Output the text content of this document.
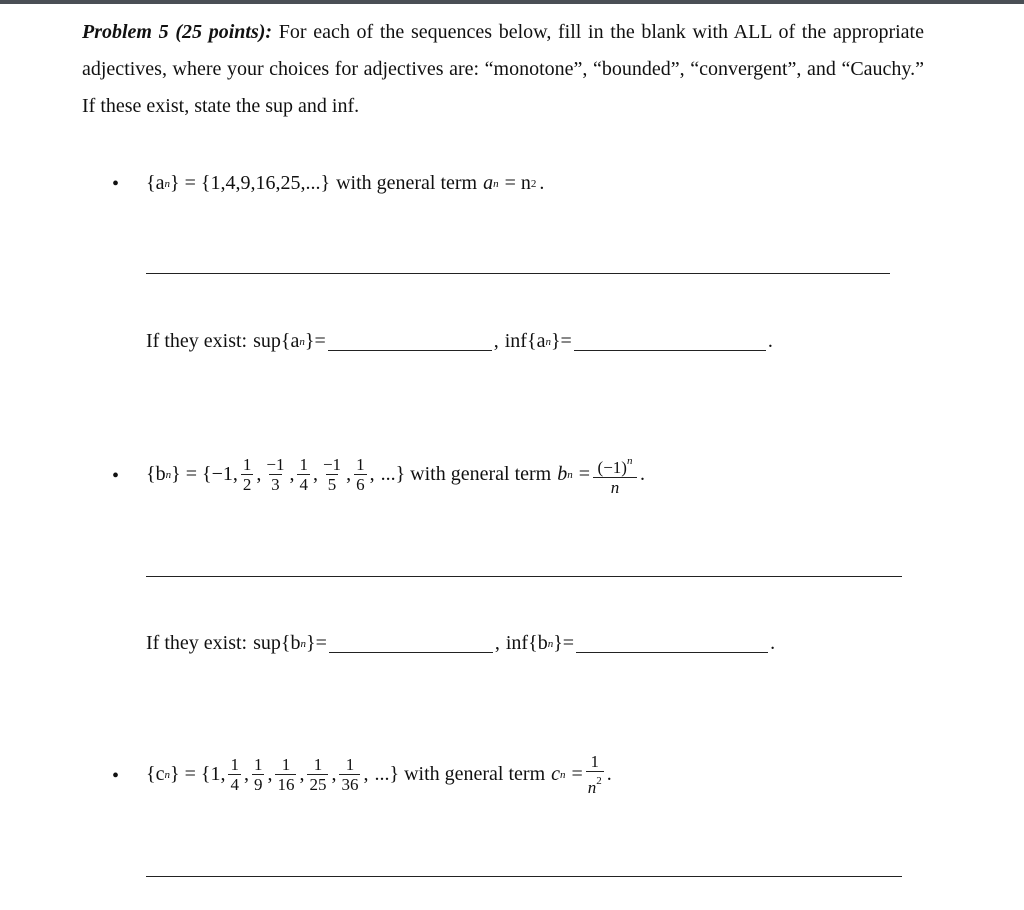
Problem 5 (25 points): For each of the sequences below, fill in the blank with ALL of the appropriate adjectives, where your choices for adjectives are: “monotone”, “bounded”, “convergent”, and “Cauchy.” If these exist, state the sup and inf.
• {a n } = {1,4,9,16,25,...} with general term a n = n 2 .
If they exist: sup{a n }=	, inf{a n }=	.
• {b n } = {−1, $\frac{1}{2}$ , $\frac{-1}{3}$ , $\frac{1}{4}$ , $\frac{-1}{5}$ , $\frac{1}{6}$ , ...} with general term b $n = \frac{(-1)^n}{n}$ .
If they exist: sup{b n }=	, inf{b n }=	.
• {c n } = {1, $\frac{1}{4}$ , $\frac{1}{9}$ , $\frac{1}{16}$ , $\frac{1}{25}$ , $\frac{1}{36}$ , ...} with general term c $n = \frac{1}{n^2}$ .
